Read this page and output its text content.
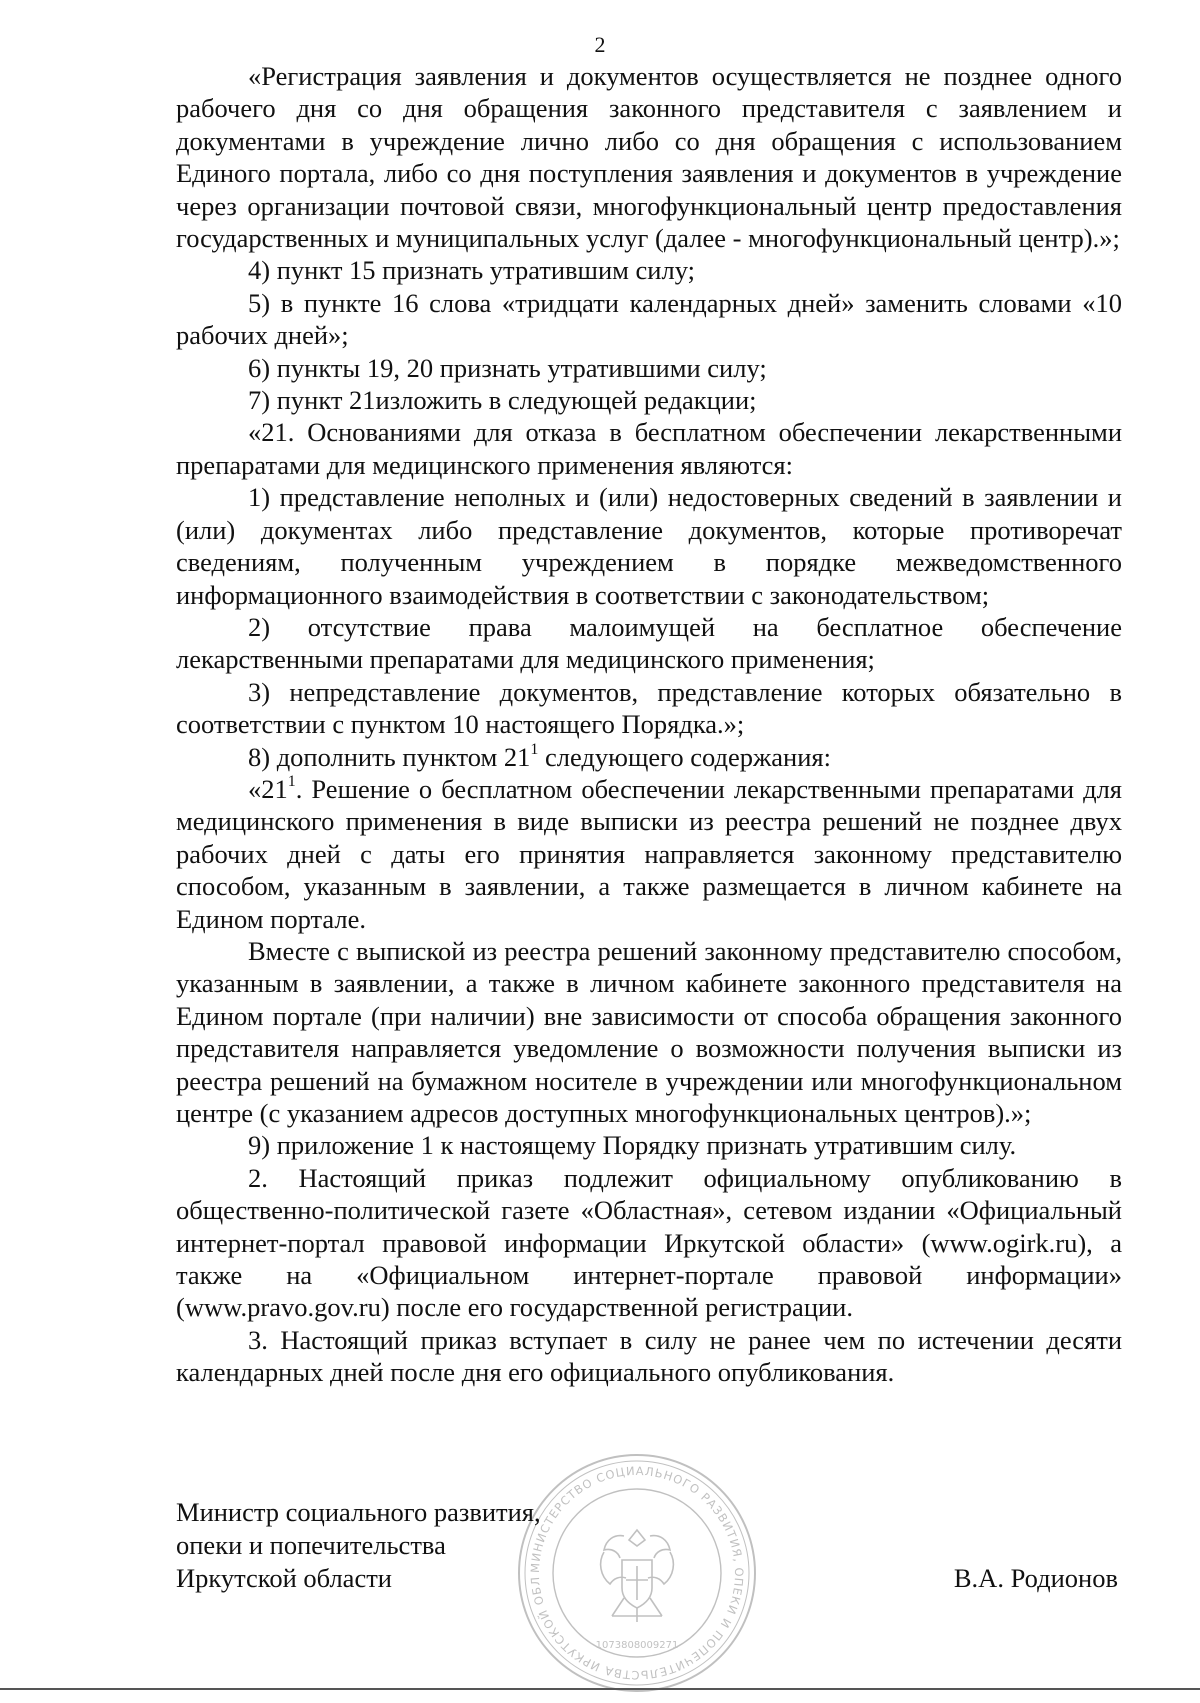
2

«Регистрация заявления и документов осуществляется не позднее одного рабочего дня со дня обращения законного представителя с заявлением и документами в учреждение лично либо со дня обращения с использованием Единого портала, либо со дня поступления заявления и документов в учреждение через организации почтовой связи, многофункциональный центр предоставления государственных и муниципальных услуг (далее - многофункциональный центр).»;

4) пункт 15 признать утратившим силу;

5) в пункте 16 слова «тридцати календарных дней» заменить словами «10 рабочих дней»;

6) пункты 19, 20 признать утратившими силу;

7) пункт 21изложить в следующей редакции;

«21. Основаниями для отказа в бесплатном обеспечении лекарственными препаратами для медицинского применения являются:

1) представление неполных и (или) недостоверных сведений в заявлении и (или) документах либо представление документов, которые противоречат сведениям, полученным учреждением в порядке межведомственного информационного взаимодействия в соответствии с законодательством;

2) отсутствие права малоимущей на бесплатное обеспечение лекарственными препаратами для медицинского применения;

3) непредставление документов, представление которых обязательно в соответствии с пунктом 10 настоящего Порядка.»;

8) дополнить пунктом $21^1$ следующего содержания:

«$21^1$. Решение о бесплатном обеспечении лекарственными препаратами для медицинского применения в виде выписки из реестра решений не позднее двух рабочих дней с даты его принятия направляется законному представителю способом, указанным в заявлении, а также размещается в личном кабинете на Едином портале.

Вместе с выпиской из реестра решений законному представителю способом, указанным в заявлении, а также в личном кабинете законного представителя на Едином портале (при наличии) вне зависимости от способа обращения законного представителя направляется уведомление о возможности получения выписки из реестра решений на бумажном носителе в учреждении или многофункциональном центре (с указанием адресов доступных многофункциональных центров).»;

9) приложение 1 к настоящему Порядку признать утратившим силу.

2. Настоящий приказ подлежит официальному опубликованию в общественно-политической газете «Областная», сетевом издании «Официальный интернет-портал правовой информации Иркутской области» (www.ogirk.ru), а также на «Официальном интернет-портале правовой информации» (www.pravo.gov.ru) после его государственной регистрации.

3. Настоящий приказ вступает в силу не ранее чем по истечении десяти календарных дней после дня его официального опубликования.

МИНИСТЕРСТВО СОЦИАЛЬНОГО РАЗВИТИЯ, ОПЕКИ И ПОПЕЧИТЕЛЬСТВА ИРКУТСКОЙ ОБЛ
1073808009271
Министр социального развития,
опеки и попечительства
Иркутской области	В.А. Родионов
